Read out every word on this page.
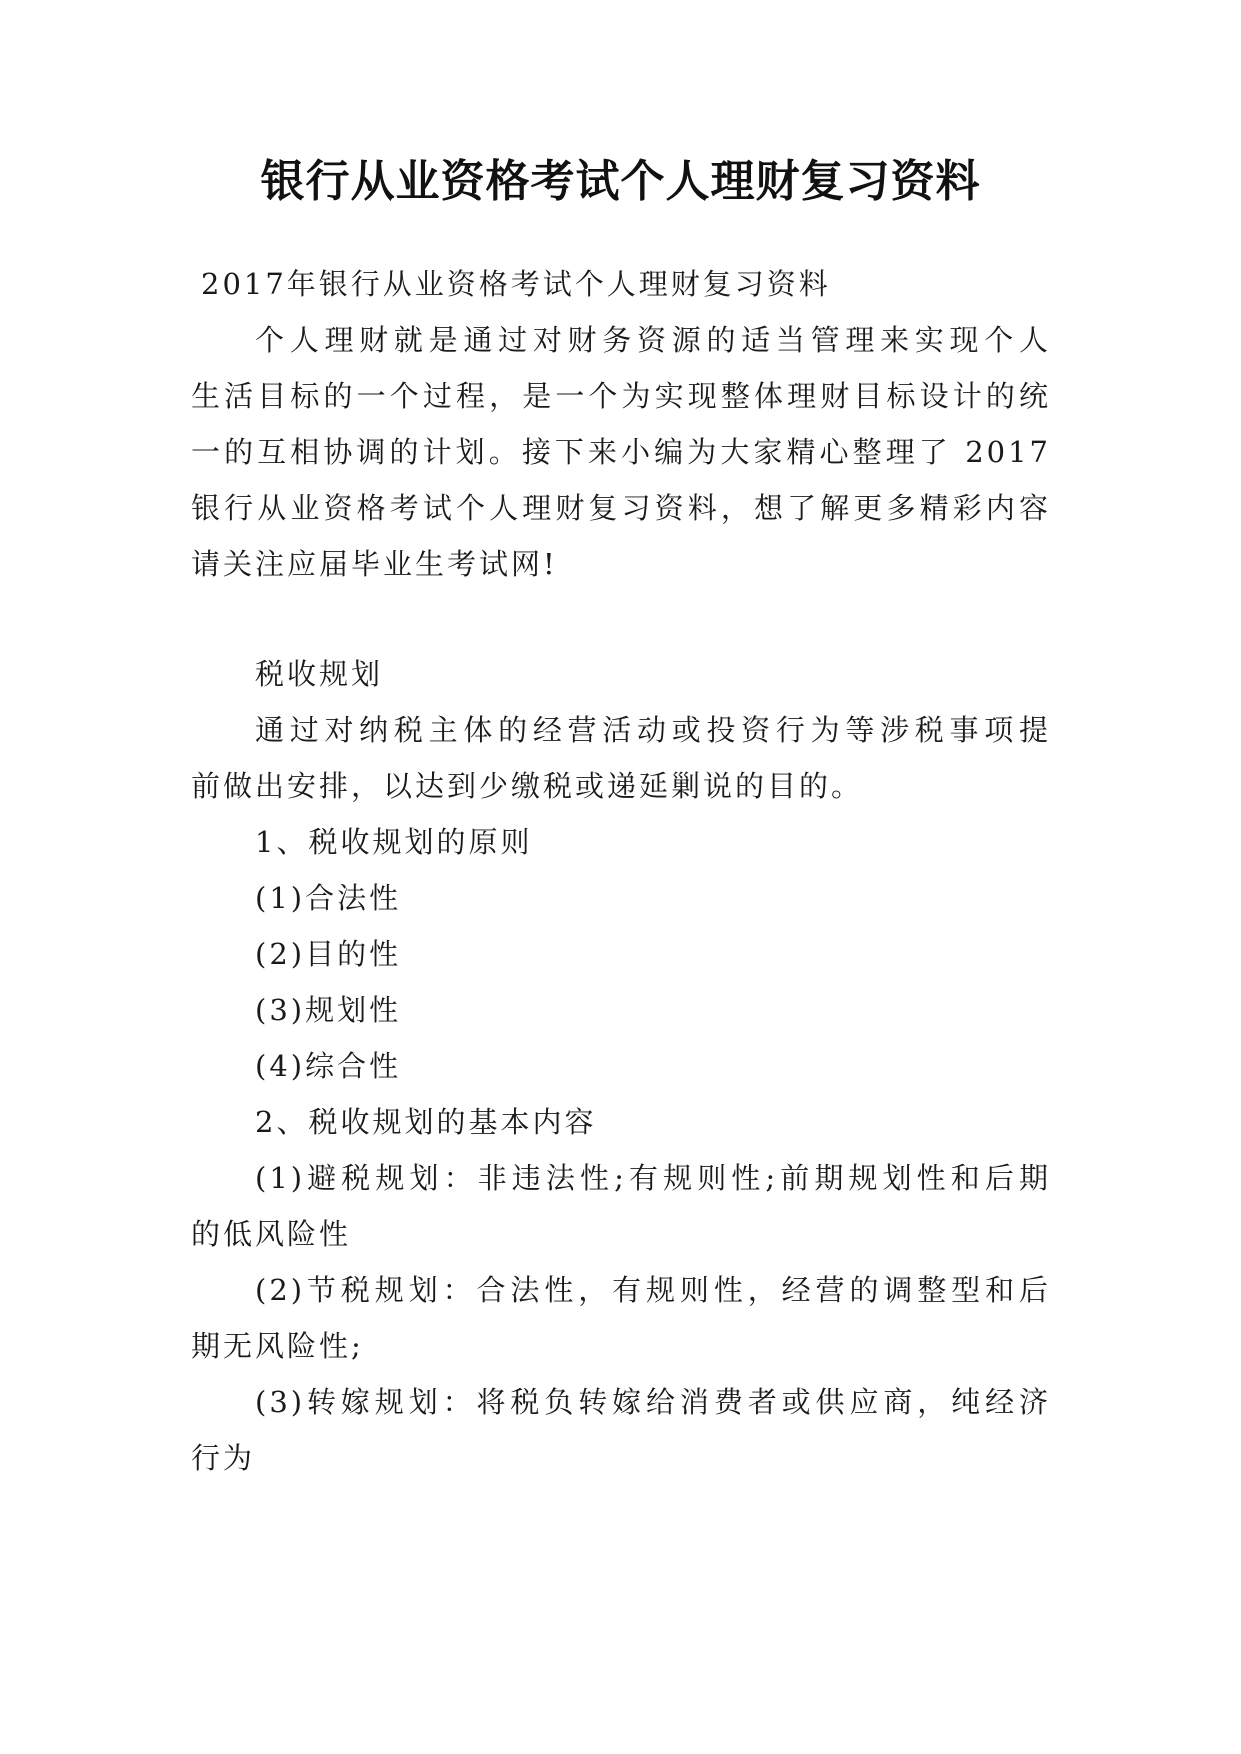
银行从业资格考试个人理财复习资料
2017年银行从业资格考试个人理财复习资料
个人理财就是通过对财务资源的适当管理来实现个人
生活目标的一个过程，是一个为实现整体理财目标设计的统
一的互相协调的计划。接下来小编为大家精心整理了 2017
银行从业资格考试个人理财复习资料，想了解更多精彩内容
请关注应届毕业生考试网!
税收规划
通过对纳税主体的经营活动或投资行为等涉税事项提
前做出安排，以达到少缴税或递延剿说的目的。
1、税收规划的原则
(1)合法性
(2)目的性
(3)规划性
(4)综合性
2、税收规划的基本内容
(1)避税规划：非违法性;有规则性;前期规划性和后期
的低风险性
(2)节税规划：合法性，有规则性，经营的调整型和后
期无风险性;
(3)转嫁规划：将税负转嫁给消费者或供应商，纯经济
行为
